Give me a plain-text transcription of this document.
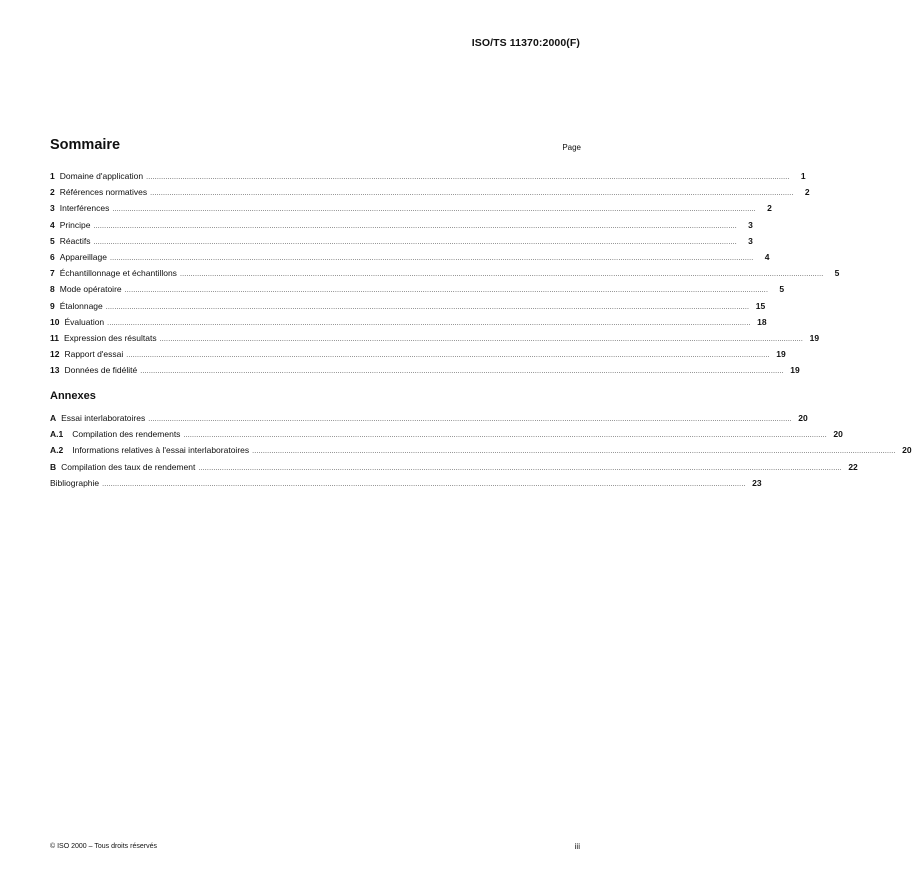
ISO/TS 11370:2000(F)
Sommaire	Page
1 Domaine d'application ............................................................................................................................................................................................................................................................................................................	1
2 Références normatives ............................................................................................................................................................................................................................................................................................................	2
3 Interférences ............................................................................................................................................................................................................................................................................................................	2
4 Principe ............................................................................................................................................................................................................................................................................................................	3
5 Réactifs ............................................................................................................................................................................................................................................................................................................	3
6 Appareillage ............................................................................................................................................................................................................................................................................................................	4
7 Échantillonnage et échantillons ............................................................................................................................................................................................................................................................................................................	5
8 Mode opératoire ............................................................................................................................................................................................................................................................................................................	5
9 Étalonnage ............................................................................................................................................................................................................................................................................................................ 15
10 Évaluation ............................................................................................................................................................................................................................................................................................................ 18
11 Expression des résultats ............................................................................................................................................................................................................................................................................................................ 19
12 Rapport d'essai ............................................................................................................................................................................................................................................................................................................ 19
13 Données de fidélité ............................................................................................................................................................................................................................................................................................................ 19
Annexes
A Essai interlaboratoires ............................................................................................................................................................................................................................................................................................................ 20
A.1 Compilation des rendements ............................................................................................................................................................................................................................................................................................................ 20
A.2 Informations relatives à l'essai interlaboratoires ............................................................................................................................................................................................................................................................................................................ 20
B Compilation des taux de rendement ............................................................................................................................................................................................................................................................................................................ 22
Bibliographie ............................................................................................................................................................................................................................................................................................................ 23
© ISO 2000 – Tous droits réservés	iii
